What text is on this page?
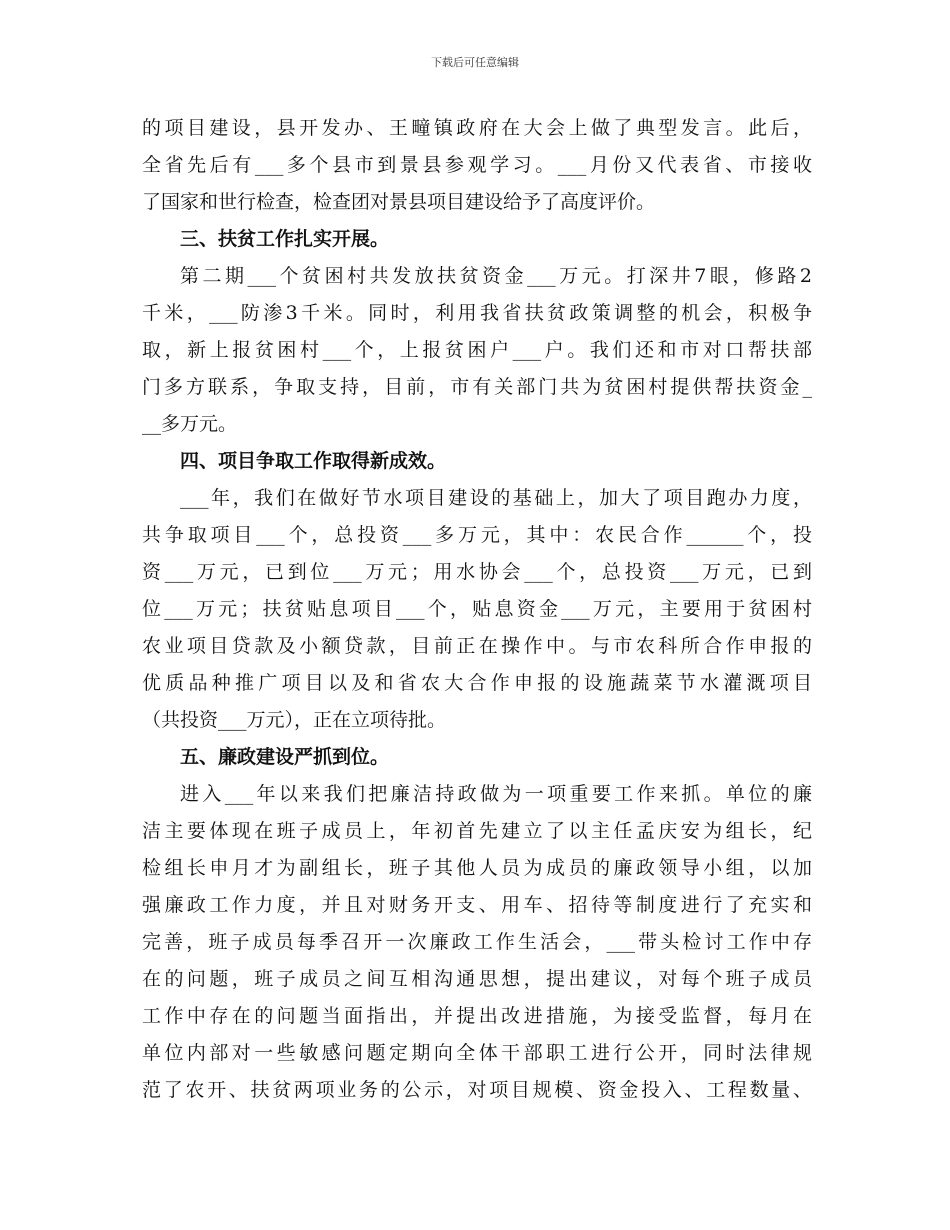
下载后可任意编辑
的项目建设，县开发办、王疃镇政府在大会上做了典型发言。此后，
全省先后有___多个县市到景县参观学习。___月份又代表省、市接收
了国家和世行检查，检查团对景县项目建设给予了高度评价。
三、扶贫工作扎实开展。
第二期___个贫困村共发放扶贫资金___万元。打深井7眼，修路2
千米，___防渗3千米。同时，利用我省扶贫政策调整的机会，积极争
取，新上报贫困村___个，上报贫困户___户。我们还和市对口帮扶部
门多方联系，争取支持，目前，市有关部门共为贫困村提供帮扶资金_
__多万元。
四、项目争取工作取得新成效。
___年，我们在做好节水项目建设的基础上，加大了项目跑办力度，
共争取项目___个，总投资___多万元，其中：农民合作______个，投
资___万元，已到位___万元；用水协会___个，总投资___万元，已到
位___万元；扶贫贴息项目___个，贴息资金___万元，主要用于贫困村
农业项目贷款及小额贷款，目前正在操作中。与市农科所合作申报的
优质品种推广项目以及和省农大合作申报的设施蔬菜节水灌溉项目
（共投资___万元），正在立项待批。
五、廉政建设严抓到位。
进入___年以来我们把廉洁持政做为一项重要工作来抓。单位的廉
洁主要体现在班子成员上，年初首先建立了以主任孟庆安为组长，纪
检组长申月才为副组长，班子其他人员为成员的廉政领导小组，以加
强廉政工作力度，并且对财务开支、用车、招待等制度进行了充实和
完善，班子成员每季召开一次廉政工作生活会，___带头检讨工作中存
在的问题，班子成员之间互相沟通思想，提出建议，对每个班子成员
工作中存在的问题当面指出，并提出改进措施，为接受监督，每月在
单位内部对一些敏感问题定期向全体干部职工进行公开，同时法律规
范了农开、扶贫两项业务的公示，对项目规模、资金投入、工程数量、
